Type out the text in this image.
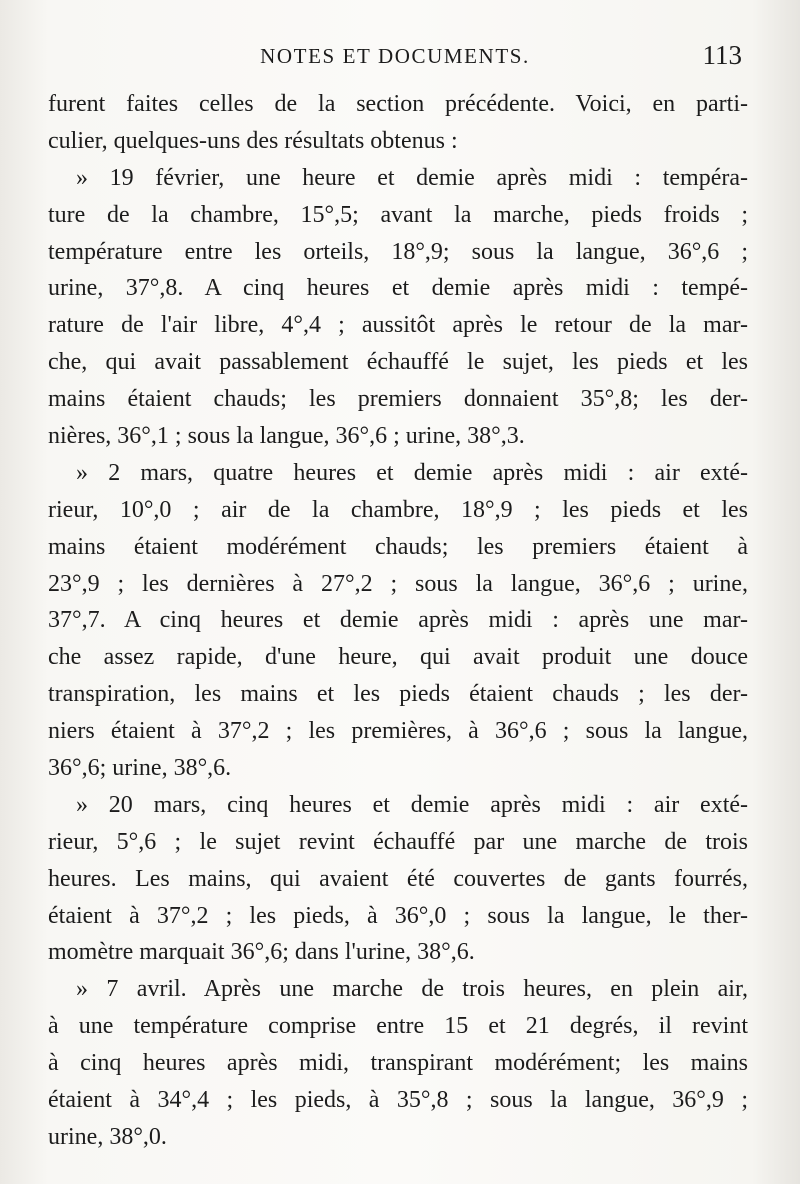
NOTES ET DOCUMENTS.	113
furent faites celles de la section précédente. Voici, en parti-
culier, quelques-uns des résultats obtenus :
» 19 février, une heure et demie après midi : tempéra-
ture de la chambre, 15°,5; avant la marche, pieds froids ;
température entre les orteils, 18°,9; sous la langue, 36°,6 ;
urine, 37°,8. A cinq heures et demie après midi : tempé-
rature de l'air libre, 4°,4 ; aussitôt après le retour de la mar-
che, qui avait passablement échauffé le sujet, les pieds et les
mains étaient chauds; les premiers donnaient 35°,8; les der-
nières, 36°,1 ; sous la langue, 36°,6 ; urine, 38°,3.
» 2 mars, quatre heures et demie après midi : air exté-
rieur, 10°,0 ; air de la chambre, 18°,9 ; les pieds et les
mains étaient modérément chauds; les premiers étaient à
23°,9 ; les dernières à 27°,2 ; sous la langue, 36°,6 ; urine,
37°,7. A cinq heures et demie après midi : après une mar-
che assez rapide, d'une heure, qui avait produit une douce
transpiration, les mains et les pieds étaient chauds ; les der-
niers étaient à 37°,2 ; les premières, à 36°,6 ; sous la langue,
36°,6; urine, 38°,6.
» 20 mars, cinq heures et demie après midi : air exté-
rieur, 5°,6 ; le sujet revint échauffé par une marche de trois
heures. Les mains, qui avaient été couvertes de gants fourrés,
étaient à 37°,2 ; les pieds, à 36°,0 ; sous la langue, le ther-
momètre marquait 36°,6; dans l'urine, 38°,6.
» 7 avril. Après une marche de trois heures, en plein air,
à une température comprise entre 15 et 21 degrés, il revint
à cinq heures après midi, transpirant modérément; les mains
étaient à 34°,4 ; les pieds, à 35°,8 ; sous la langue, 36°,9 ;
urine, 38°,0.
